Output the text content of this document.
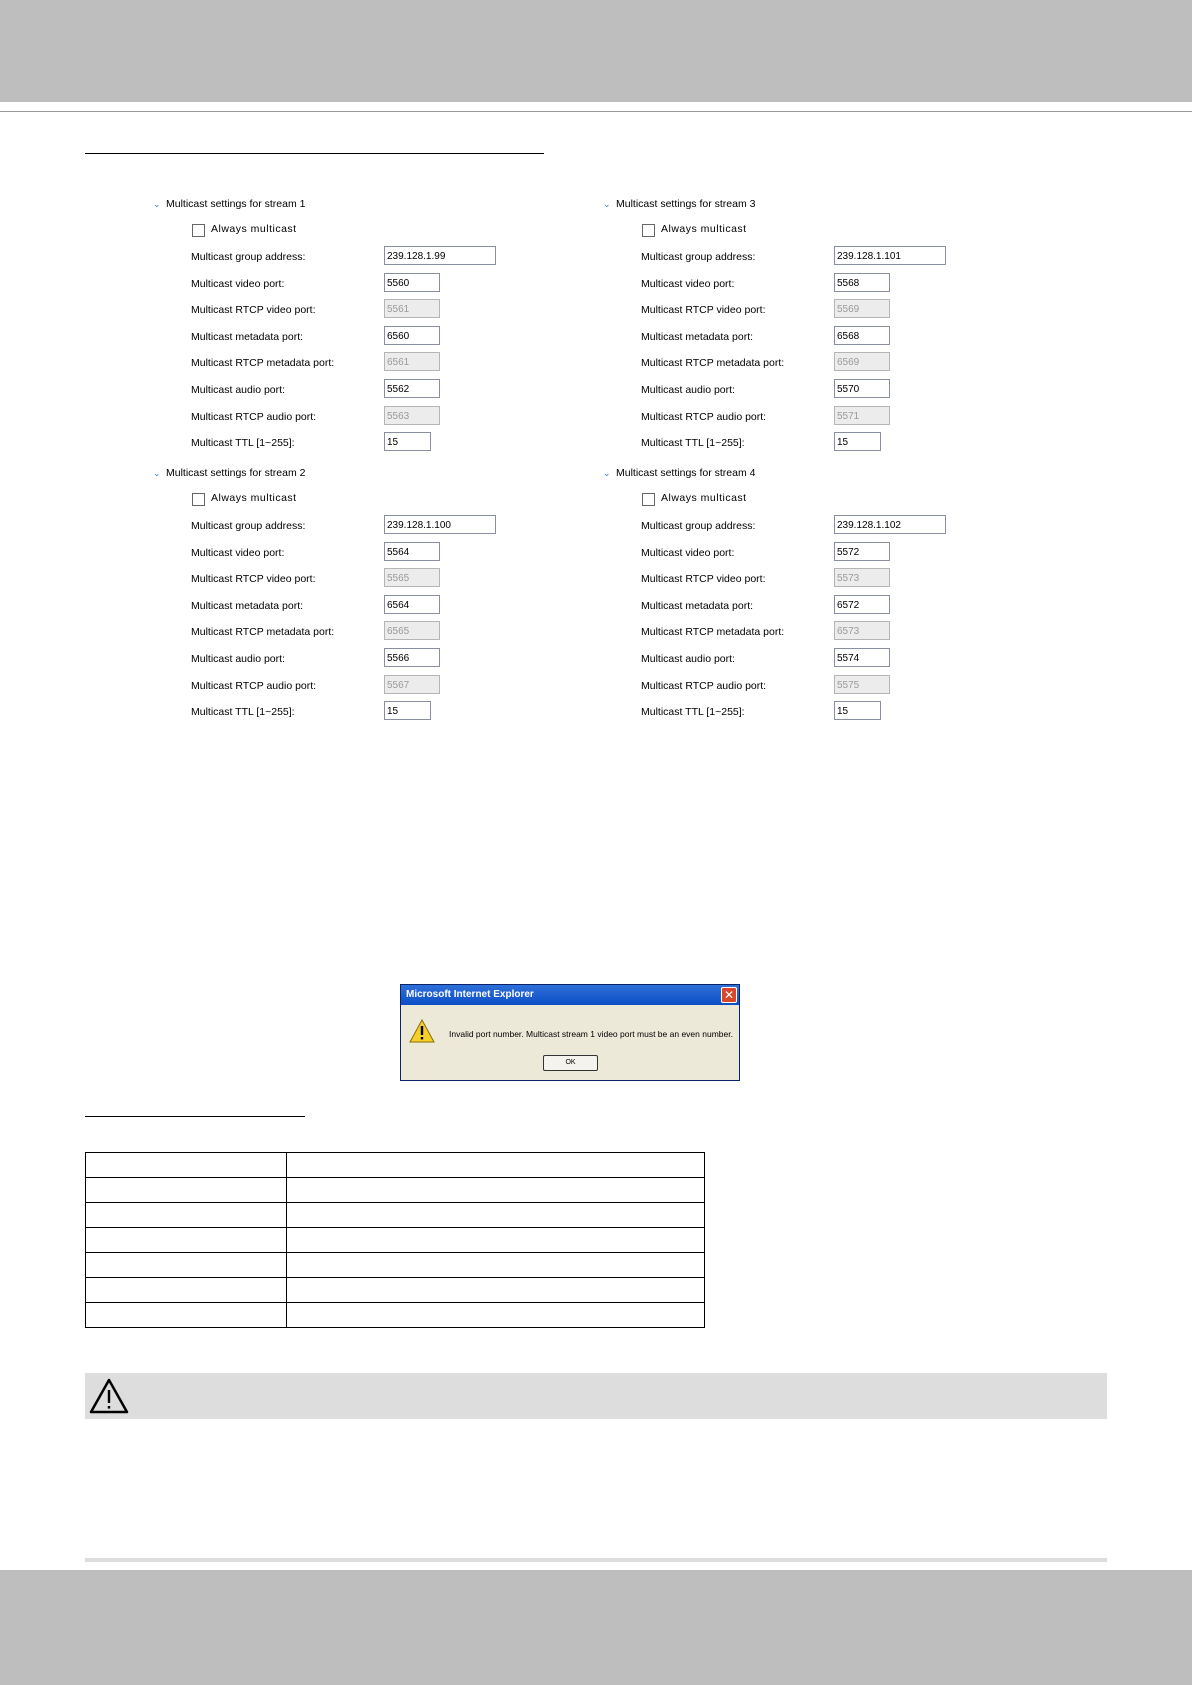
⌄ Multicast settings for stream 1
Always multicast
Multicast group address:	239.128.1.99
Multicast video port:	5560
Multicast RTCP video port:	5561
Multicast metadata port:	6560
Multicast RTCP metadata port:	6561
Multicast audio port:	5562
Multicast RTCP audio port:	5563
Multicast TTL [1~255]:	15
⌄ Multicast settings for stream 2
Always multicast
Multicast group address:	239.128.1.100
Multicast video port:	5564
Multicast RTCP video port:	5565
Multicast metadata port:	6564
Multicast RTCP metadata port:	6565
Multicast audio port:	5566
Multicast RTCP audio port:	5567
Multicast TTL [1~255]:	15
⌄ Multicast settings for stream 3
Always multicast
Multicast group address:	239.128.1.101
Multicast video port:	5568
Multicast RTCP video port:	5569
Multicast metadata port:	6568
Multicast RTCP metadata port:	6569
Multicast audio port:	5570
Multicast RTCP audio port:	5571
Multicast TTL [1~255]:	15
⌄ Multicast settings for stream 4
Always multicast
Multicast group address:	239.128.1.102
Multicast video port:	5572
Multicast RTCP video port:	5573
Multicast metadata port:	6572
Multicast RTCP metadata port:	6573
Multicast audio port:	5574
Multicast RTCP audio port:	5575
Multicast TTL [1~255]:	15
Microsoft Internet Explorer	✕
Invalid port number. Multicast stream 1 video port must be an even number.
OK
